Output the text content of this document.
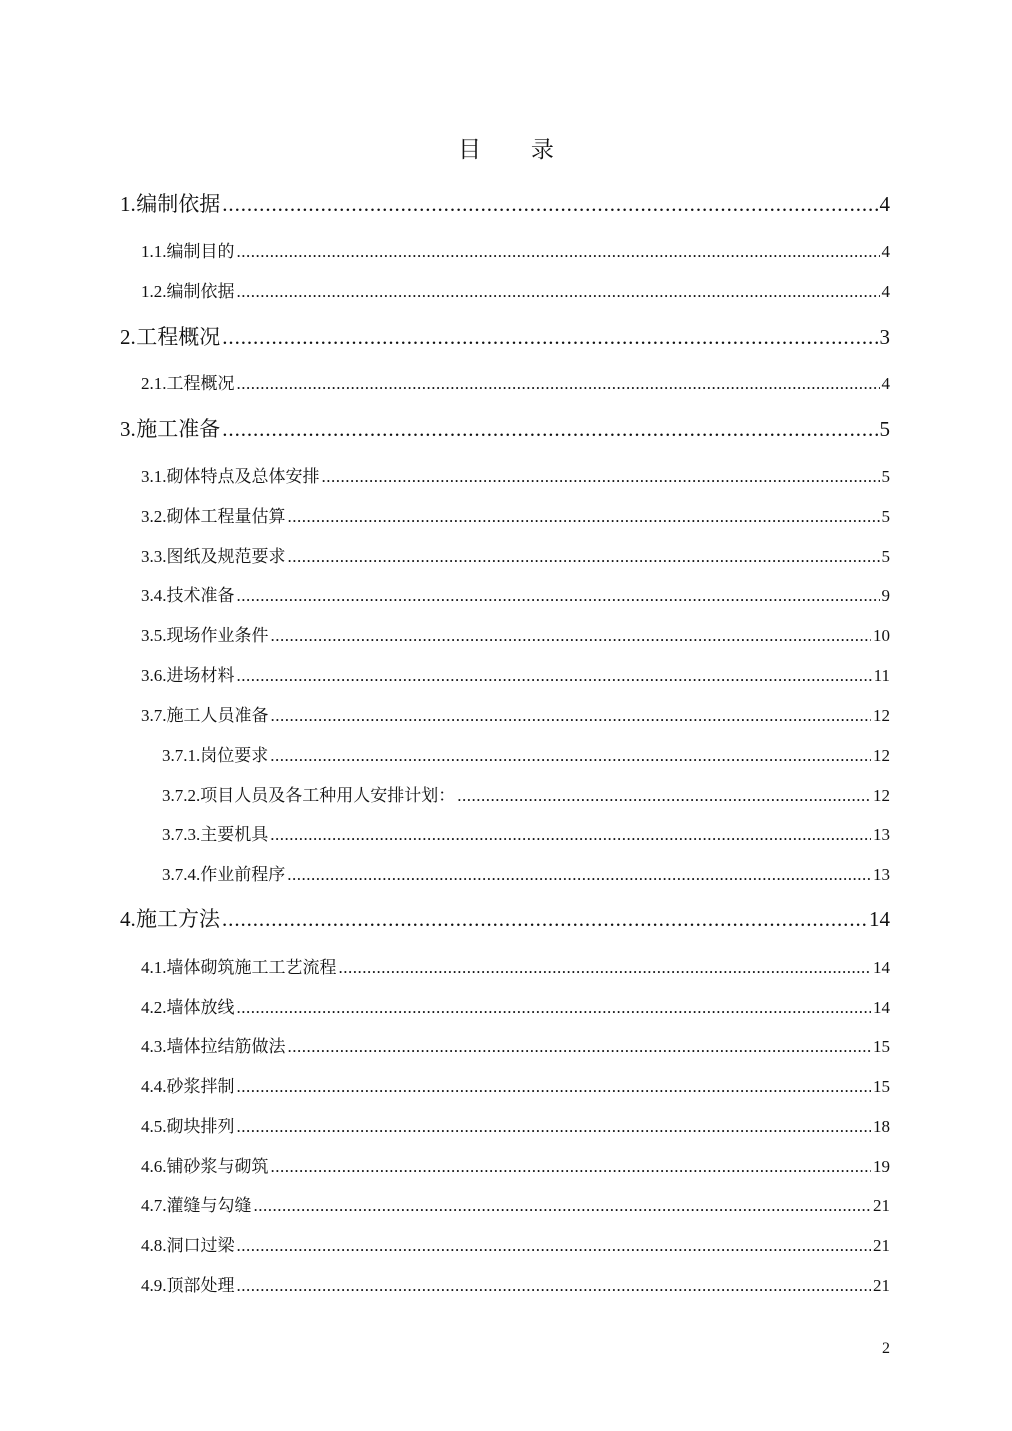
目 录
1. 编制依据 .....	4
1.1. 编制目的 .....	4
1.2. 编制依据 .....	4
2. 工程概况 .....	3
2.1. 工程概况 .....	4
3. 施工准备 .....	5
3.1. 砌体特点及总体安排 .....	5
3.2. 砌体工程量估算 .....	5
3.3. 图纸及规范要求 .....	5
3.4. 技术准备 .....	9
3.5. 现场作业条件 .....	10
3.6. 进场材料 .....	11
3.7. 施工人员准备 .....	12
3.7.1. 岗位要求 .....	12
3.7.2. 项目人员及各工种用人安排计划： .....	12
3.7.3. 主要机具 .....	13
3.7.4. 作业前程序 .....	13
4. 施工方法 .....	14
4.1. 墙体砌筑施工工艺流程 .....	14
4.2. 墙体放线 .....	14
4.3. 墙体拉结筋做法 .....	15
4.4. 砂浆拌制 .....	15
4.5. 砌块排列 .....	18
4.6. 铺砂浆与砌筑 .....	19
4.7. 灌缝与勾缝 .....	21
4.8. 洞口过梁 .....	21
4.9. 顶部处理 .....	21
2
